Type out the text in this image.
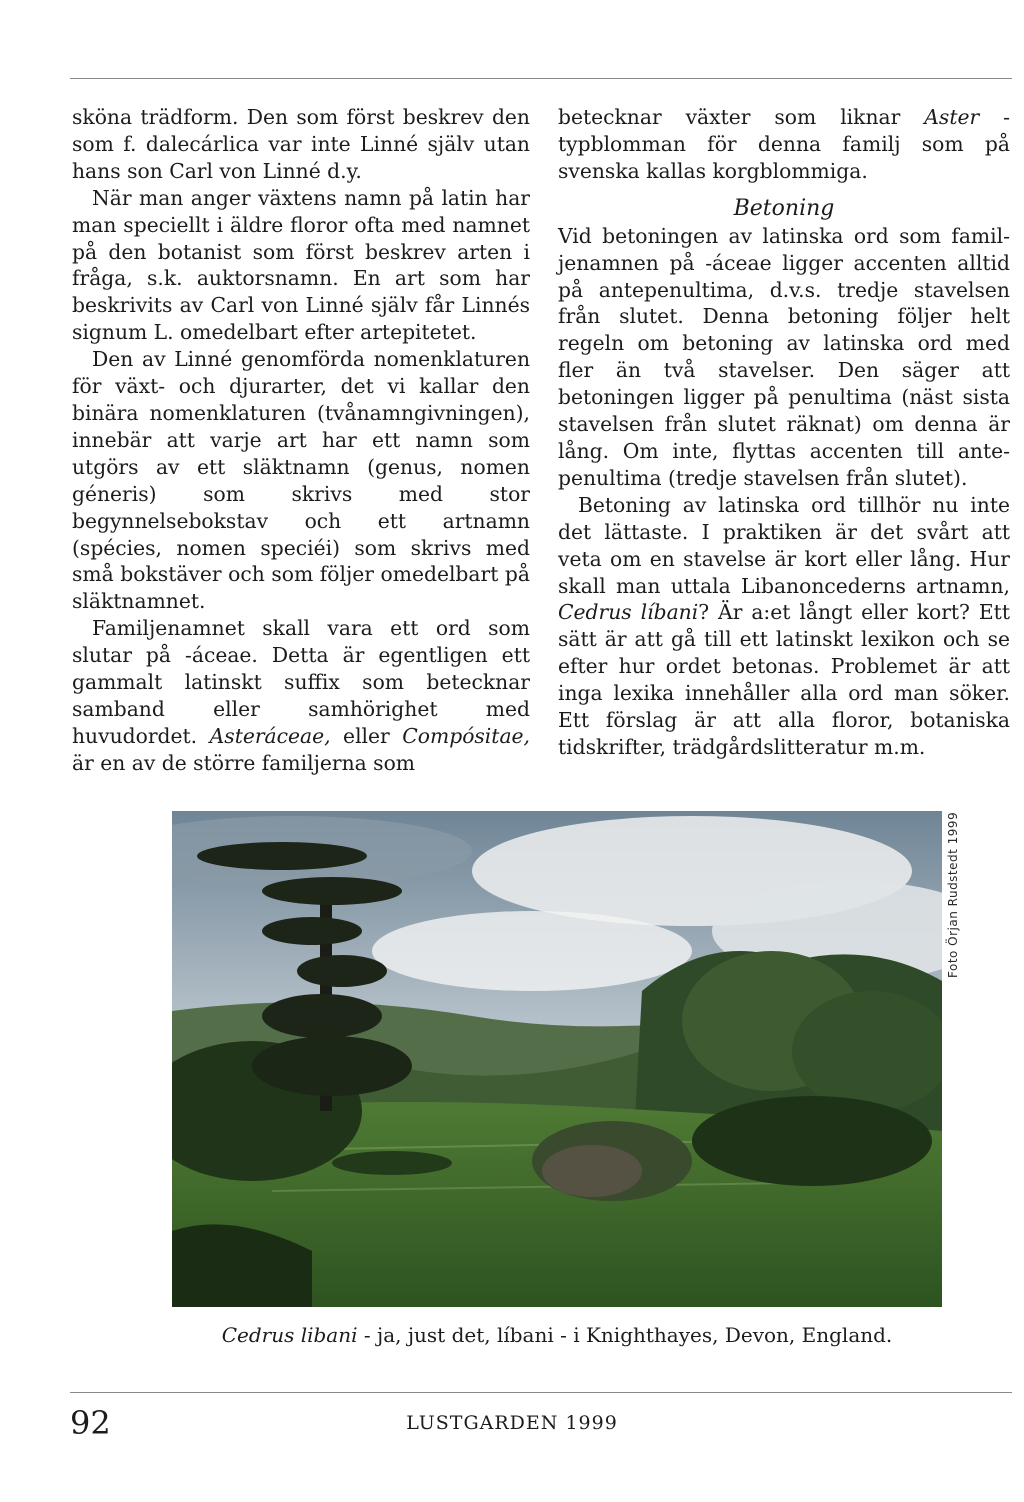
sköna trädform. Den som först beskrev den som f. dalecárlica var inte Linné själv utan hans son Carl von Linné d.y.

När man anger växtens namn på latin har man speciellt i äldre floror ofta med namnet på den botanist som först beskrev arten i fråga, s.k. auktorsnamn. En art som har beskrivits av Carl von Linné själv får Linnés signum L. omedelbart efter artepitetet.

Den av Linné genomförda nomenklaturen för växt- och djurarter, det vi kallar den binära nomenklaturen (tvånamngivningen), innebär att varje art har ett namn som utgörs av ett släktnamn (genus, nomen géneris) som skrivs med stor begynnelsebokstav och ett artnamn (spécies, nomen speciéi) som skrivs med små bokstäver och som följer omedelbart på släktnamnet.

Familjenamnet skall vara ett ord som slutar på -áceae. Detta är egentligen ett gammalt latinskt suffix som betecknar samband eller samhörighet med huvudordet. Asteráceae, eller Compósitae, är en av de större familjerna som

betecknar växter som liknar Aster - typblomman för denna familj som på svenska kallas korgblommiga.

Betoning

Vid betoningen av latinska ord som familjenamnen på -áceae ligger accenten alltid på antepenultima, d.v.s. tredje stavelsen från slutet. Denna betoning följer helt regeln om betoning av latinska ord med fler än två stavelser. Den säger att betoningen ligger på penultima (näst sista stavelsen från slutet räknat) om denna är lång. Om inte, flyttas accenten till antepenultima (tredje stavelsen från slutet).

Betoning av latinska ord tillhör nu inte det lättaste. I praktiken är det svårt att veta om en stavelse är kort eller lång. Hur skall man uttala Libanoncederns artnamn, Cedrus líbani? Är a:et långt eller kort? Ett sätt är att gå till ett latinskt lexikon och se efter hur ordet betonas. Problemet är att inga lexika innehåller alla ord man söker. Ett förslag är att alla floror, botaniska tidskrifter, trädgårdslitteratur m.m.

Foto Örjan Rudstedt 1999
Cedrus libani - ja, just det, líbani - i Knighthayes, Devon, England.
92	LUSTGARDEN 1999
